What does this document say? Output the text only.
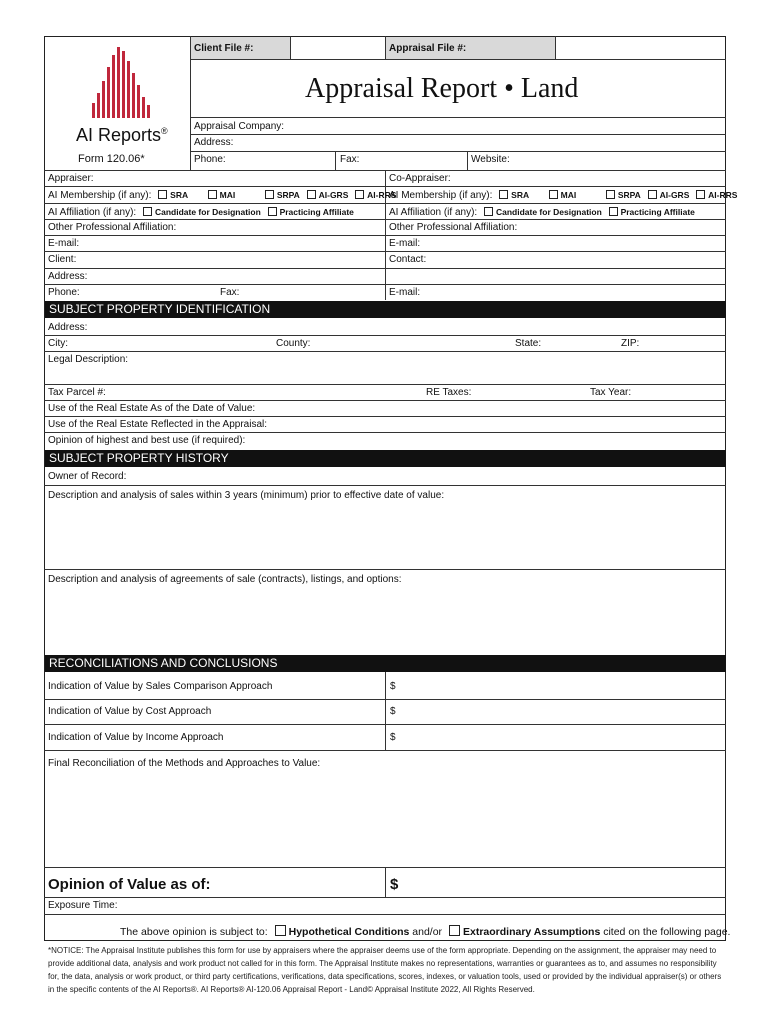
Client File #:	Appraisal File #:
AI Reports®
Form 120.06*
Appraisal Report • Land
Appraisal Company:
Address:
Phone:	Fax:	Website:
Appraiser:	Co-Appraiser:
AI Membership (if any): SRA	MAI	SRPA AI-GRS AI-RRS
AI Membership (if any): SRA	MAI	SRPA AI-GRS AI-RRS
AI Affiliation (if any): Candidate for Designation Practicing Affiliate	AI Affiliation (if any): Candidate for Designation Practicing Affiliate
Other Professional Affiliation:	Other Professional Affiliation:
E-mail:	E-mail:
Client:	Contact:
Address:
Phone:	Fax:	E-mail:
SUBJECT PROPERTY IDENTIFICATION
Address:
City:	County:	State:	ZIP:
Legal Description:
Tax Parcel #:	RE Taxes:	Tax Year:
Use of the Real Estate As of the Date of Value:
Use of the Real Estate Reflected in the Appraisal:
Opinion of highest and best use (if required):
SUBJECT PROPERTY HISTORY
Owner of Record:
Description and analysis of sales within 3 years (minimum) prior to effective date of value:
Description and analysis of agreements of sale (contracts), listings, and options:
RECONCILIATIONS AND CONCLUSIONS
Indication of Value by Sales Comparison Approach	$
Indication of Value by Cost Approach	$
Indication of Value by Income Approach	$
Final Reconciliation of the Methods and Approaches to Value:
Opinion of Value as of:	$
Exposure Time:
The above opinion is subject to: Hypothetical Conditions and/or Extraordinary Assumptions cited on the following page.
*NOTICE: The Appraisal Institute publishes this form for use by appraisers where the appraiser deems use of the form appropriate. Depending on the assignment, the appraiser may need to provide additional data, analysis and work product not called for in this form. The Appraisal Institute makes no representations, warranties or guarantees as to, and assumes no responsibility for, the data, analysis or work product, or third party certifications, verifications, data specifications, scores, indexes, or valuation tools, used or provided by the individual appraiser(s) or others in the specific contents of the AI Reports®. AI Reports® AI-120.06 Appraisal Report - Land© Appraisal Institute 2022, All Rights Reserved.
